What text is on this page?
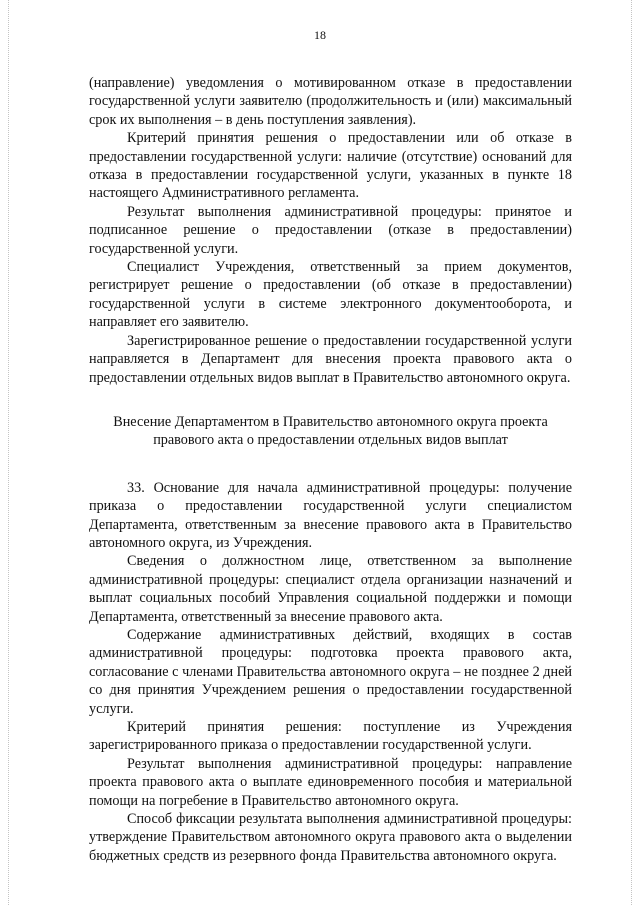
18

(направление) уведомления о мотивированном отказе в предоставлении государственной услуги заявителю (продолжительность и (или) максимальный срок их выполнения – в день поступления заявления).

Критерий принятия решения о предоставлении или об отказе в предоставлении государственной услуги: наличие (отсутствие) оснований для отказа в предоставлении государственной услуги, указанных в пункте 18 настоящего Административного регламента.

Результат выполнения административной процедуры: принятое и подписанное решение о предоставлении (отказе в предоставлении) государственной услуги.

Специалист Учреждения, ответственный за прием документов, регистрирует решение о предоставлении (об отказе в предоставлении) государственной услуги в системе электронного документооборота, и направляет его заявителю.

Зарегистрированное решение о предоставлении государственной услуги направляется в Департамент для внесения проекта правового акта о предоставлении отдельных видов выплат в Правительство автономного округа.

Внесение Департаментом в Правительство автономного округа проекта правового акта о предоставлении отдельных видов выплат

33. Основание для начала административной процедуры: получение приказа о предоставлении государственной услуги специалистом Департамента, ответственным за внесение правового акта в Правительство автономного округа, из Учреждения.

Сведения о должностном лице, ответственном за выполнение административной процедуры: специалист отдела организации назначений и выплат социальных пособий Управления социальной поддержки и помощи Департамента, ответственный за внесение правового акта.

Содержание административных действий, входящих в состав административной процедуры: подготовка проекта правового акта, согласование с членами Правительства автономного округа – не позднее 2 дней со дня принятия Учреждением решения о предоставлении государственной услуги.

Критерий принятия решения: поступление из Учреждения зарегистрированного приказа о предоставлении государственной услуги.

Результат выполнения административной процедуры: направление проекта правового акта о выплате единовременного пособия и материальной помощи на погребение в Правительство автономного округа.

Способ фиксации результата выполнения административной процедуры: утверждение Правительством автономного округа правового акта о выделении бюджетных средств из резервного фонда Правительства автономного округа.
